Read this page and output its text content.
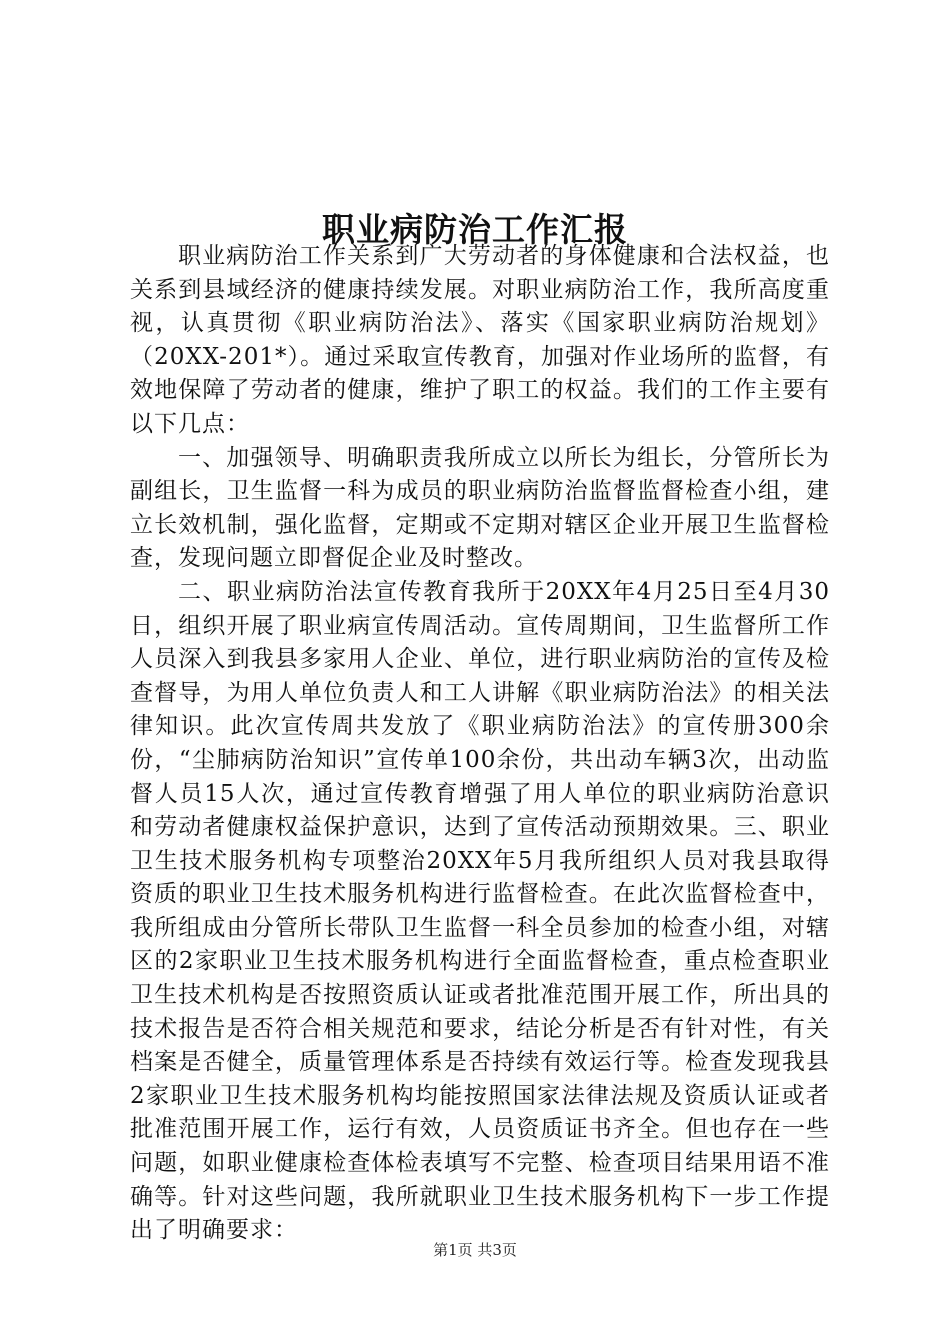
职业病防治工作汇报

职业病防治工作关系到广大劳动者的身体健康和合法权益，也关系到县域经济的健康持续发展。对职业病防治工作，我所高度重视，认真贯彻《职业病防治法》、落实《国家职业病防治规划》（20XX-201*）。通过采取宣传教育，加强对作业场所的监督，有效地保障了劳动者的健康，维护了职工的权益。我们的工作主要有以下几点：

一、加强领导、明确职责我所成立以所长为组长，分管所长为副组长，卫生监督一科为成员的职业病防治监督监督检查小组，建立长效机制，强化监督，定期或不定期对辖区企业开展卫生监督检查，发现问题立即督促企业及时整改。

二、职业病防治法宣传教育我所于20XX年4月25日至4月30日，组织开展了职业病宣传周活动。宣传周期间，卫生监督所工作人员深入到我县多家用人企业、单位，进行职业病防治的宣传及检查督导，为用人单位负责人和工人讲解《职业病防治法》的相关法律知识。此次宣传周共发放了《职业病防治法》的宣传册300余份，“尘肺病防治知识”宣传单100余份，共出动车辆3次，出动监督人员15人次，通过宣传教育增强了用人单位的职业病防治意识和劳动者健康权益保护意识，达到了宣传活动预期效果。三、职业卫生技术服务机构专项整治20XX年5月我所组织人员对我县取得资质的职业卫生技术服务机构进行监督检查。在此次监督检查中，我所组成由分管所长带队卫生监督一科全员参加的检查小组，对辖区的2家职业卫生技术服务机构进行全面监督检查，重点检查职业卫生技术机构是否按照资质认证或者批准范围开展工作，所出具的技术报告是否符合相关规范和要求，结论分析是否有针对性，有关档案是否健全，质量管理体系是否持续有效运行等。检查发现我县2家职业卫生技术服务机构均能按照国家法律法规及资质认证或者批准范围开展工作，运行有效，人员资质证书齐全。但也存在一些问题，如职业健康检查体检表填写不完整、检查项目结果用语不准确等。针对这些问题，我所就职业卫生技术服务机构下一步工作提出了明确要求：

第1页 共3页
